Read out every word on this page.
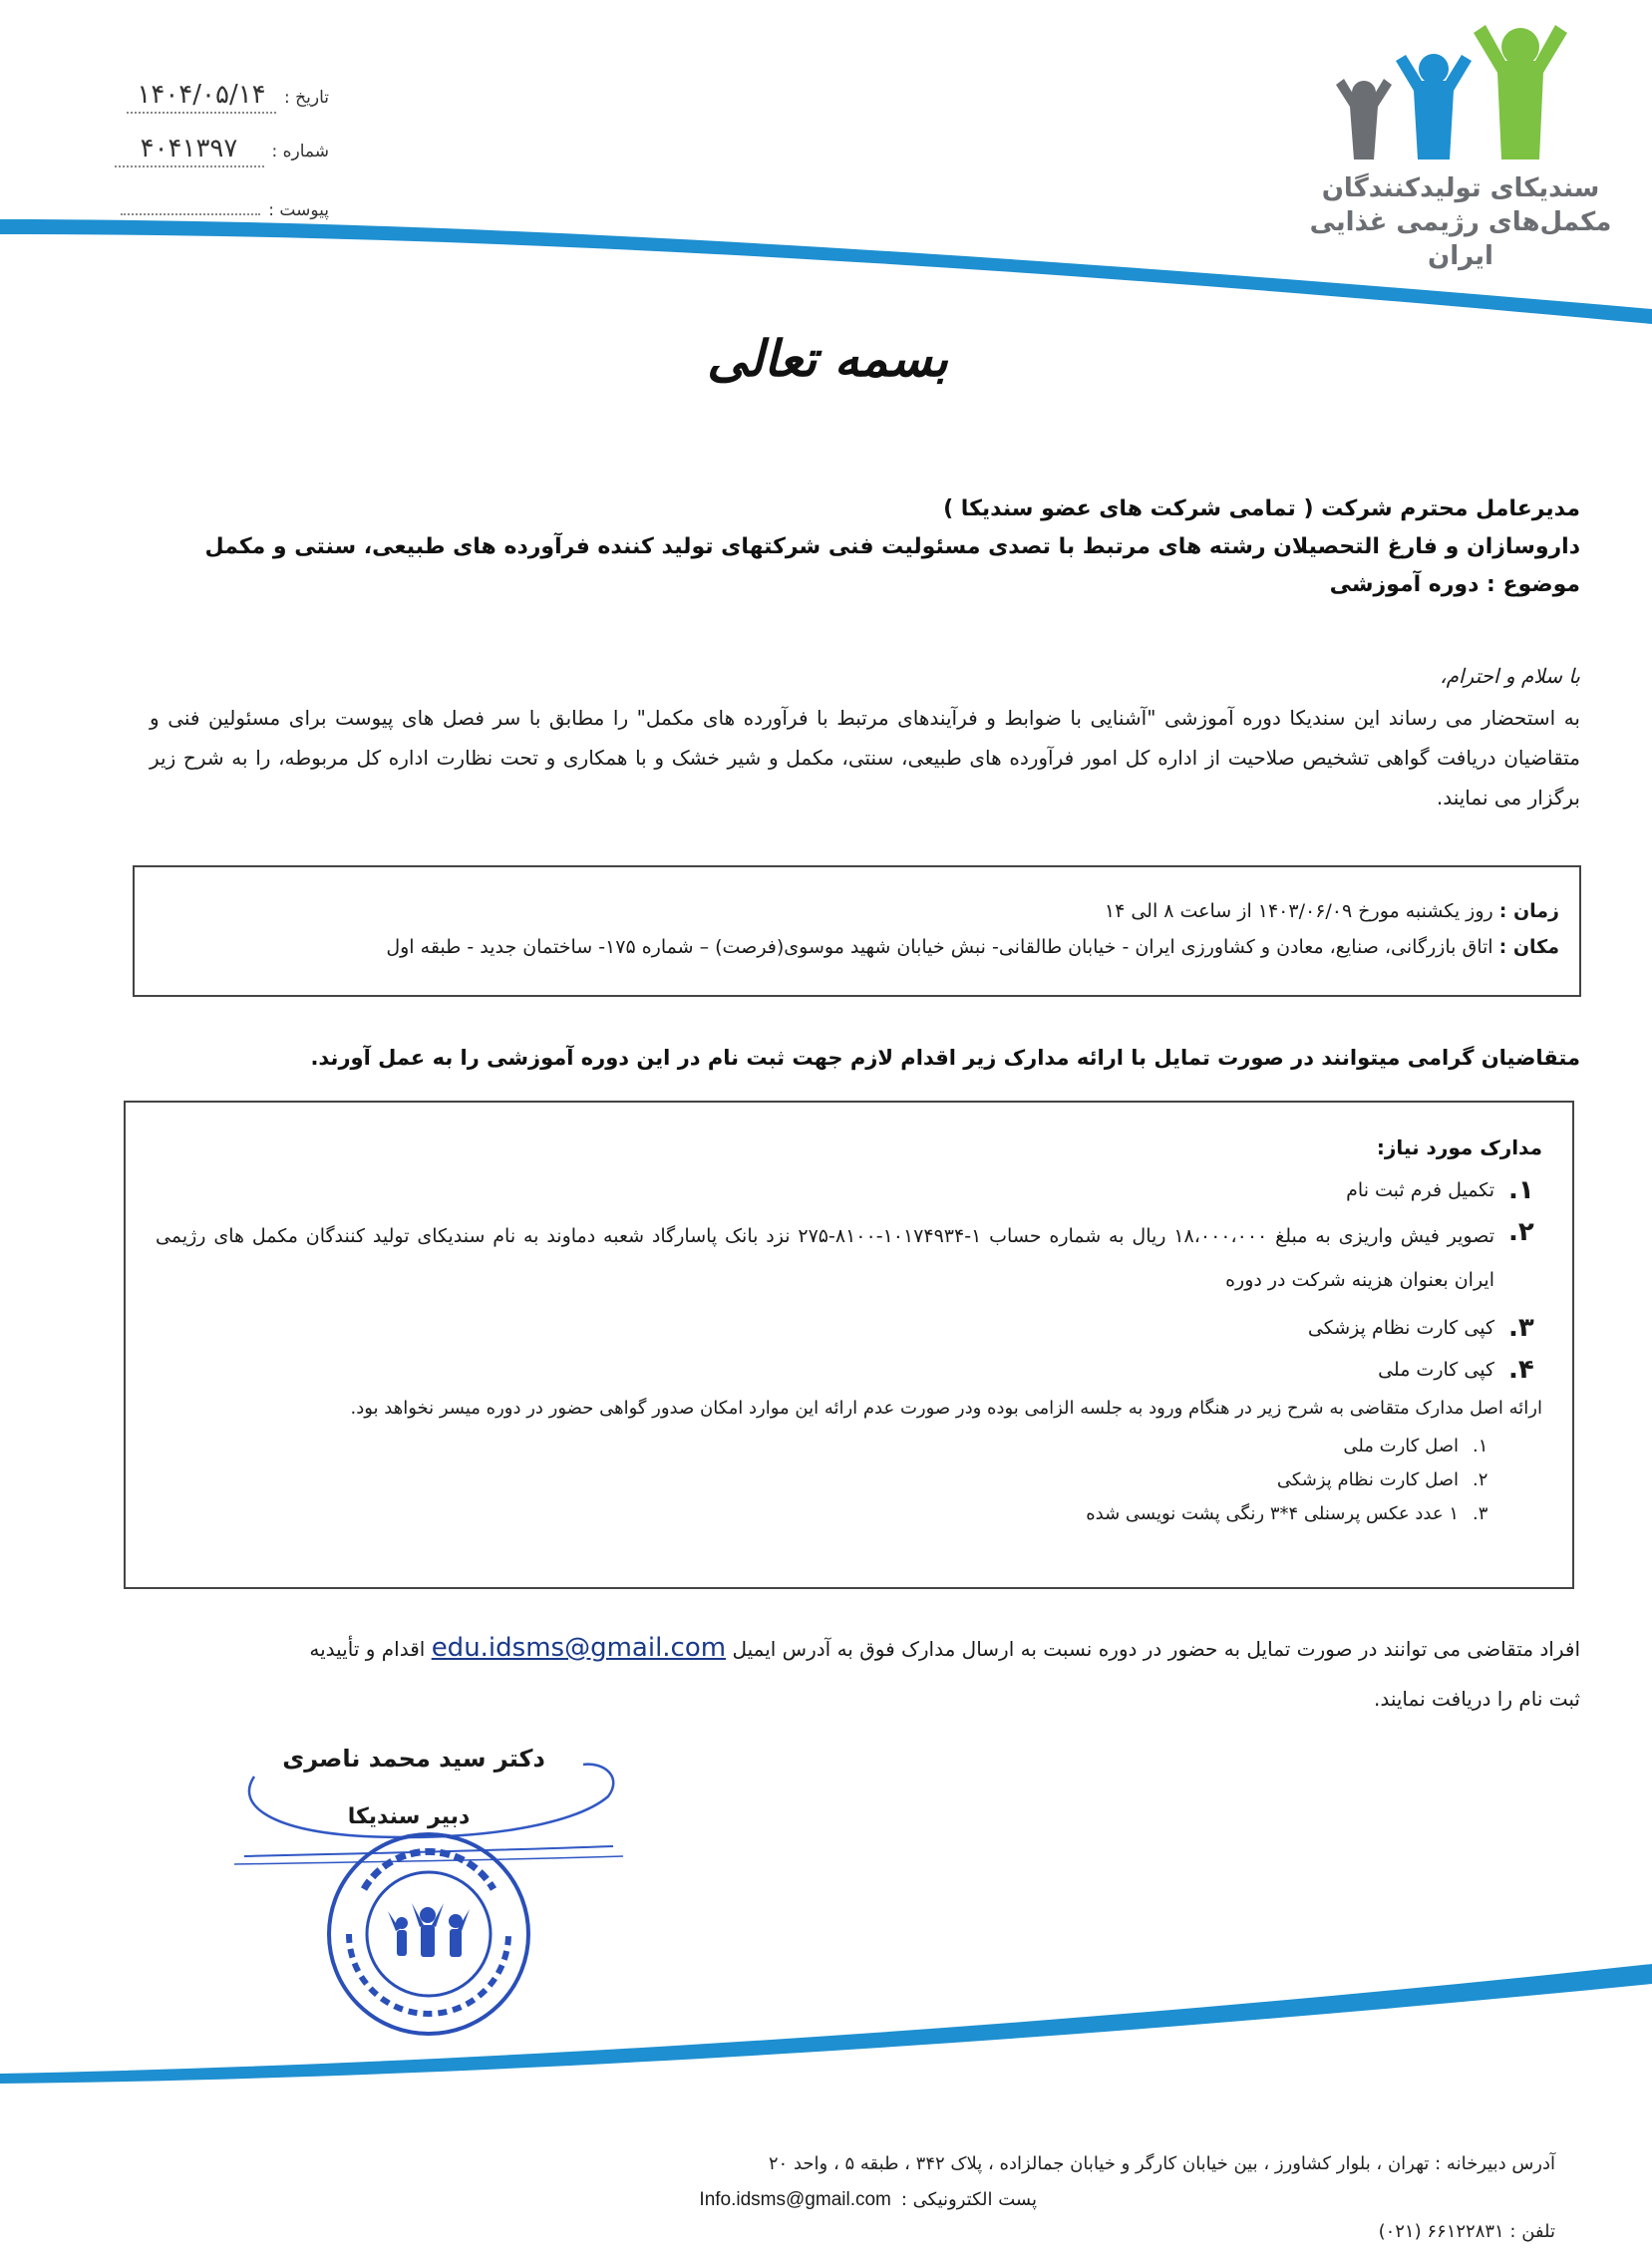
تاریخ :
۱۴۰۴/۰۵/۱۴
شماره :
۴۰۴۱۳۹۷
پیوست :
سندیکای تولیدکنندگان
مکمل‌های رژیمی غذایی
ایران
بسمه تعالی
مدیرعامل محترم شرکت ( تمامی شرکت های عضو سندیکا )
داروسازان و فارغ التحصیلان رشته های مرتبط با تصدی مسئولیت فنی شرکتهای تولید کننده فرآورده های طبیعی، سنتی و مکمل
موضوع : دوره آموزشی
با سلام و احترام،
به استحضار می رساند این سندیکا دوره آموزشی "آشنایی با ضوابط و فرآیندهای مرتبط با فرآورده های مکمل" را مطابق با سر فصل های پیوست برای مسئولین فنی و متقاضیان دریافت گواهی تشخیص صلاحیت از اداره کل امور فرآورده های طبیعی، سنتی، مکمل و شیر خشک و با همکاری و تحت نظارت اداره کل مربوطه، را به شرح زیر برگزار می نمایند.
زمان : روز یکشنبه مورخ ۱۴۰۳/۰۶/۰۹ از ساعت ۸ الی ۱۴
مکان : اتاق بازرگانی، صنایع، معادن و کشاورزی ایران - خیابان طالقانی- نبش خیابان شهید موسوی(فرصت) – شماره ۱۷۵- ساختمان جدید - طبقه اول
متقاضیان گرامی میتوانند در صورت تمایل با ارائه مدارک زیر اقدام لازم جهت ثبت نام در این دوره آموزشی را به عمل آورند.
مدارک مورد نیاز:
۱.
تکمیل فرم ثبت نام
۲.
تصویر فیش واریزی به مبلغ ۱۸،۰۰۰،۰۰۰ ریال به شماره حساب ۱-۱۰۱۷۴۹۳۴-۸۱۰۰-۲۷۵ نزد بانک پاسارگاد شعبه دماوند به نام سندیکای تولید کنندگان مکمل های رژیمی ایران بعنوان هزینه شرکت در دوره
۳.
کپی کارت نظام پزشکی
۴.
کپی کارت ملی
ارائه اصل مدارک متقاضی به شرح زیر در هنگام ورود به جلسه الزامی بوده ودر صورت عدم ارائه این موارد امکان صدور گواهی حضور در دوره میسر نخواهد بود.
۱.
اصل کارت ملی
۲.
اصل کارت نظام پزشکی
۳.
۱ عدد عکس پرسنلی ۴*۳ رنگی پشت نویسی شده
افراد متقاضی می توانند در صورت تمایل به حضور در دوره نسبت به ارسال مدارک فوق به آدرس ایمیل edu.idsms@gmail.com اقدام و تأییدیه
ثبت نام را دریافت نمایند.
دکتر سید محمد ناصری
دبیر سندیکا
آدرس دبیرخانه : تهران ، بلوار کشاورز ، بین خیابان کارگر و خیابان جمالزاده ، پلاک ۳۴۲ ، طبقه ۵ ، واحد ۲۰
پست الکترونیکی :
Info.idsms@gmail.com
تلفن : ۶۶۱۲۲۸۳۱ (۰۲۱)
